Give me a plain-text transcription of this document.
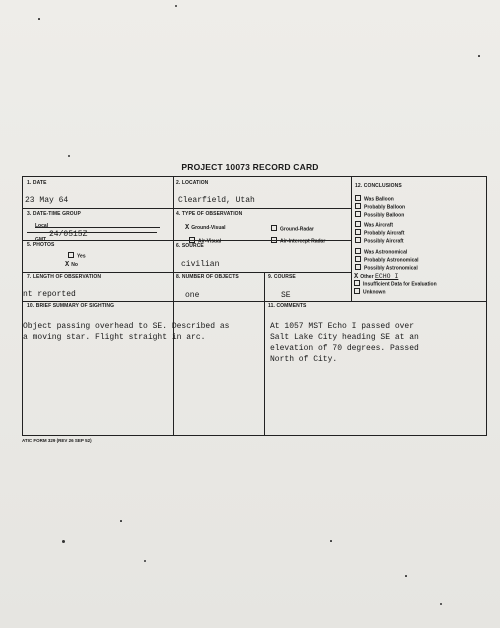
PROJECT 10073 RECORD CARD
1. DATE
23 May 64
2. LOCATION
Clearfield, Utah
3. DATE-TIME GROUP
Local
GMT
24/0515Z
4. TYPE OF OBSERVATION
X Ground-Visual	Ground-Radar
Air-Visual	Air-Intercept Radar
5. PHOTOS
Yes
X No
6. SOURCE
civilian
7. LENGTH OF OBSERVATION
nt reported
8. NUMBER OF OBJECTS
one
9. COURSE
SE
10. BRIEF SUMMARY OF SIGHTING
Object passing overhead to SE. Described as
a moving star. Flight straight in arc.
11. COMMENTS
At 1057 MST Echo I passed over
Salt Lake City heading SE at an
elevation of 70 degrees. Passed
North of City.
12. CONCLUSIONS
Was Balloon
Probably Balloon
Possibly Balloon
Was Aircraft
Probably Aircraft
Possibly Aircraft
Was Astronomical
Probably Astronomical
Possibly Astronomical
X Other ECHO I
Insufficient Data for Evaluation
Unknown
ATIC FORM 329 (REV 26 SEP 52)
